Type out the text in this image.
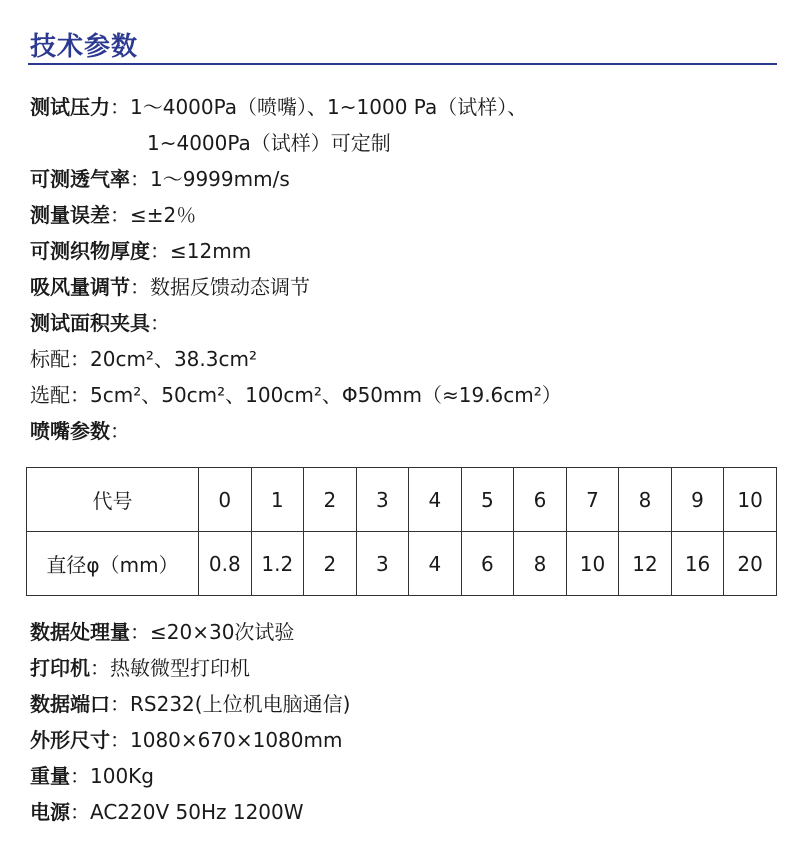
技术参数
测试压力：1～4000Pa（喷嘴）、1~1000 Pa（试样）、
1~4000Pa（试样）可定制
可测透气率：1～9999mm/s
测量误差：≤±2％
可测织物厚度：≤12mm
吸风量调节：数据反馈动态调节
测试面积夹具：
标配：20cm²、38.3cm²
选配：5cm²、50cm²、100cm²、Φ50mm（≈19.6cm²）
喷嘴参数：
代号	0	1	2	3	4	5	6	7	8	9	10
直径φ（mm）	0.8	1.2	2	3	4	6	8	10	12	16	20
数据处理量：≤20×30次试验
打印机：热敏微型打印机
数据端口：RS232(上位机电脑通信)
外形尺寸：1080×670×1080mm
重量：100Kg
电源：AC220V 50Hz 1200W
